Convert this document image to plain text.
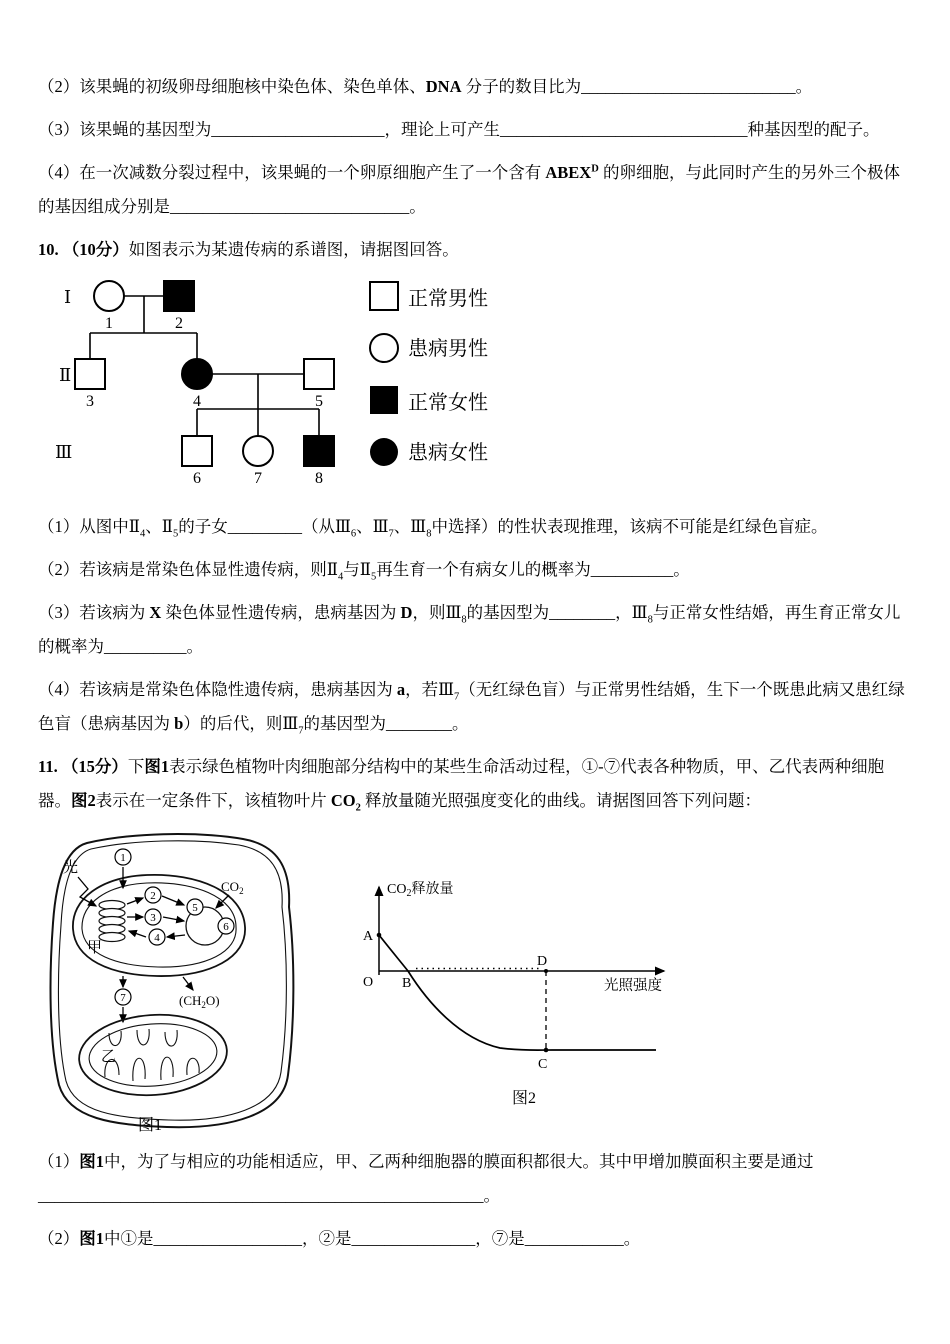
（2）该果蝇的初级卵母细胞核中染色体、染色单体、DNA 分子的数目比为__________________________。

（3）该果蝇的基因型为_____________________，理论上可产生______________________________种基因型的配子。

（4）在一次减数分裂过程中，该果蝇的一个卵原细胞产生了一个含有 $ABEX^D$ 的卵细胞，与此同时产生的另外三个极体的基因组成分别是_____________________________。

10. （10分）如图表示为某遗传病的系谱图，请据图回答。

Ⅰ
Ⅱ
Ⅲ
1	2
3	4	5
6	7	8
正常男性
患病男性
正常女性
患病女性

（1）从图中$Ⅱ_4$、$Ⅱ_5$的子女_________（从$Ⅲ_6$、$Ⅲ_7$、$Ⅲ_8$中选择）的性状表现推理，该病不可能是红绿色盲症。

（2）若该病是常染色体显性遗传病，则$Ⅱ_4$与$Ⅱ_5$再生育一个有病女儿的概率为__________。

（3）若该病为 X 染色体显性遗传病，患病基因为 D，则$Ⅲ_8$的基因型为________，$Ⅲ_8$与正常女性结婚，再生育正常女儿的概率为__________。

（4）若该病是常染色体隐性遗传病，患病基因为 a，若$Ⅲ_7$（无红绿色盲）与正常男性结婚，生下一个既患此病又患红绿色盲（患病基因为 b）的后代，则$Ⅲ_7$的基因型为________。

11. （15分）下图1表示绿色植物叶肉细胞部分结构中的某些生命活动过程，①-⑦代表各种物质，甲、乙代表两种细胞器。图2表示在一定条件下，该植物叶片 $CO_2$ 释放量随光照强度变化的曲线。请据图回答下列问题：

1
2
3
4
5
6
7
光
甲
乙
$CO_2$
$(CH_2O)$
图1
A
O B
D
C
$CO_2$释放量
光照强度
图2

（1）图1中，为了与相应的功能相适应，甲、乙两种细胞器的膜面积都很大。其中甲增加膜面积主要是通过______________________________________________________。

（2）图1中①是__________________，②是_______________，⑦是____________。
